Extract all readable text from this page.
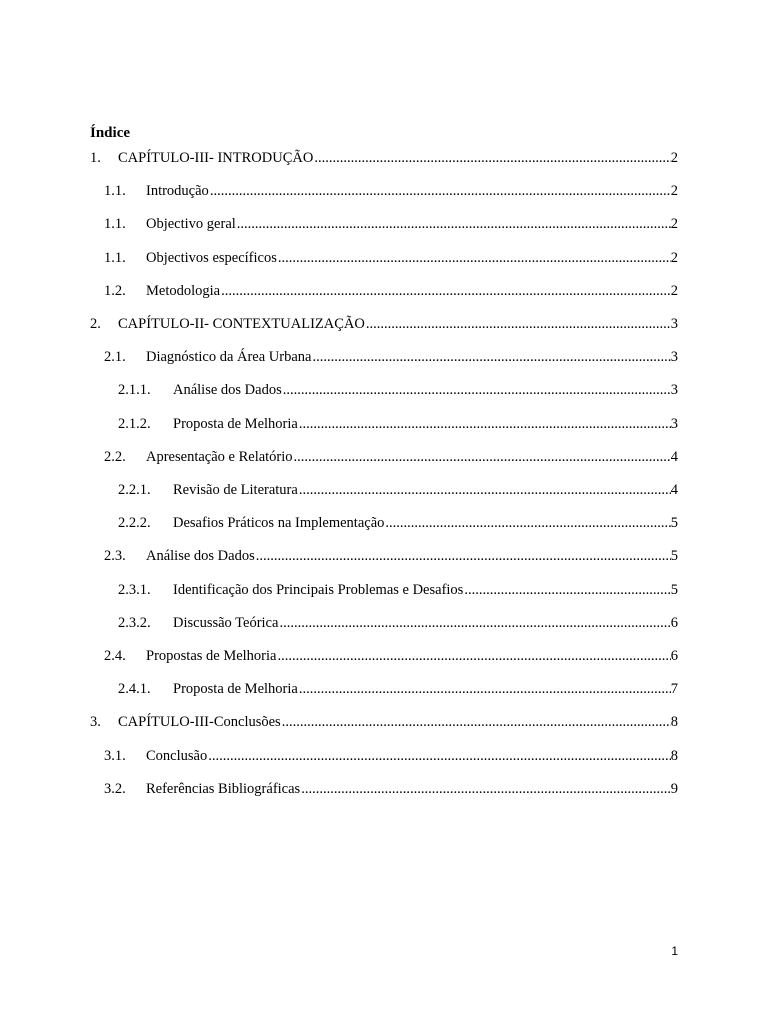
Índice
1.	CAPÍTULO-III- INTRODUÇÃO .....	2
1.1.	Introdução .....	2
1.1.	Objectivo geral .....	2
1.1.	Objectivos específicos .....	2
1.2.	Metodologia .....	2
2.	CAPÍTULO-II- CONTEXTUALIZAÇÃO .....	3
2.1.	Diagnóstico da Área Urbana .....	3
2.1.1.	Análise dos Dados .....	3
2.1.2.	Proposta de Melhoria .....	3
2.2.	Apresentação e Relatório .....	4
2.2.1.	Revisão de Literatura .....	4
2.2.2.	Desafios Práticos na Implementação .....	5
2.3.	Análise dos Dados .....	5
2.3.1.	Identificação dos Principais Problemas e Desafios .....	5
2.3.2.	Discussão Teórica .....	6
2.4.	Propostas de Melhoria .....	6
2.4.1.	Proposta de Melhoria .....	7
3.	CAPÍTULO-III-Conclusões .....	8
3.1.	Conclusão .....	8
3.2.	Referências Bibliográficas .....	9
1
